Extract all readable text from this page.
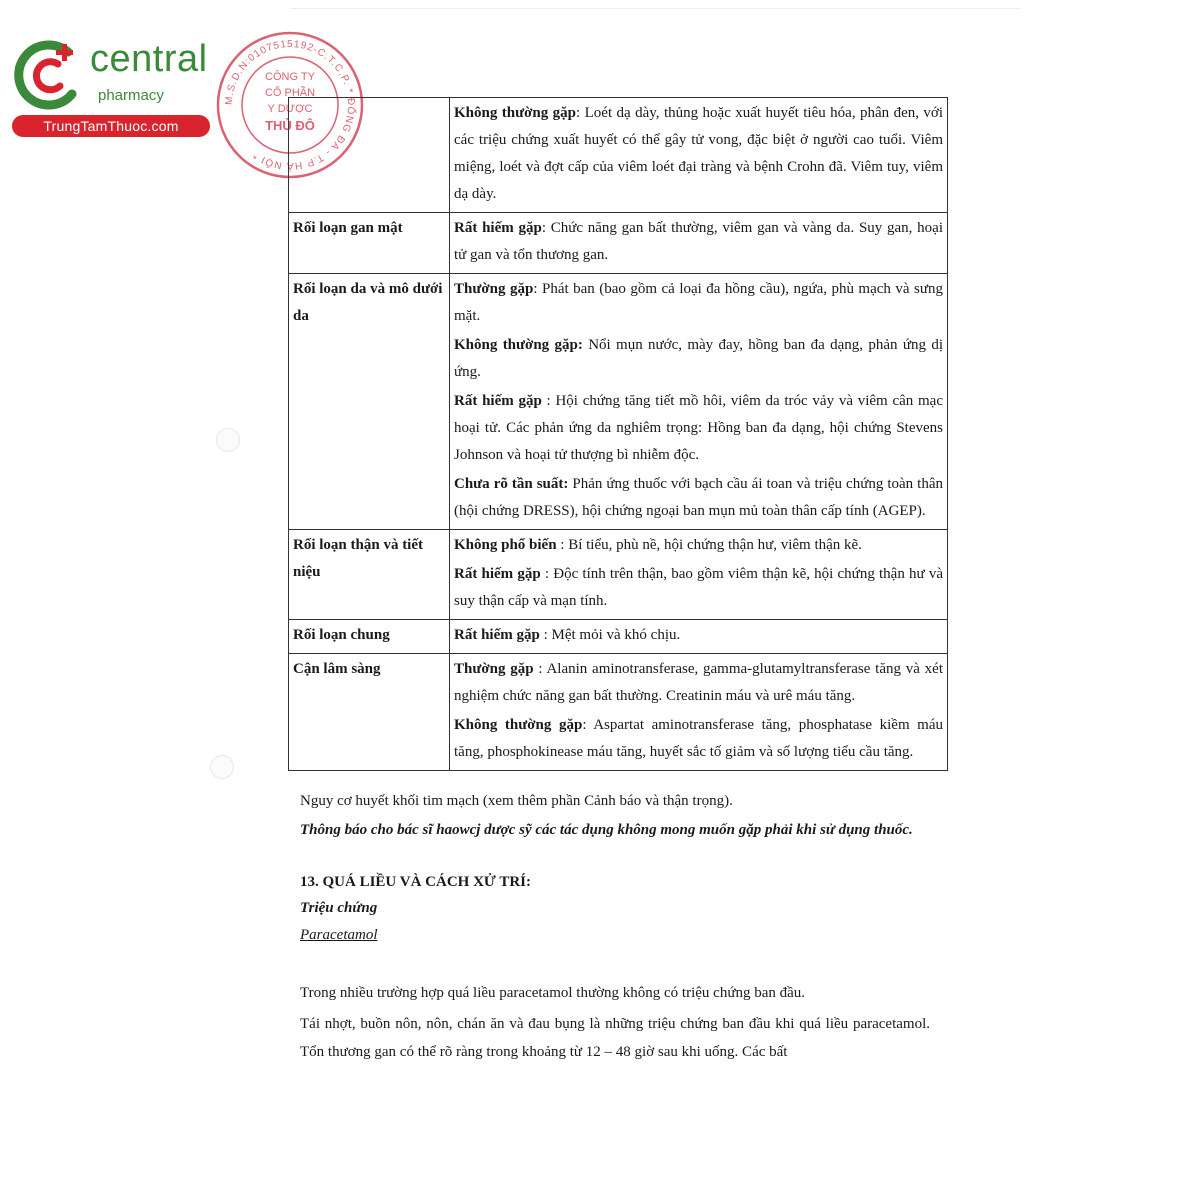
central
pharmacy
TrungTamThuoc.com
M.S.D.N:0107515192-C.T.C.P. * ĐỐNG ĐA - T.P HÀ NỘI *
CÔNG TY
CỔ PHẦN
Y DƯỢC
THỦ ĐÔ

	Không thường gặp: Loét dạ dày, thủng hoặc xuất huyết tiêu hóa, phân đen, với các triệu chứng xuất huyết có thể gây tử vong, đặc biệt ở người cao tuổi. Viêm miệng, loét và đợt cấp của viêm loét đại tràng và bệnh Crohn đã. Viêm tuy, viêm dạ dày.

Rối loạn gan mật	Rất hiếm gặp: Chức năng gan bất thường, viêm gan và vàng da. Suy gan, hoại tử gan và tổn thương gan.

Rối loạn da và mô dưới da	Thường gặp: Phát ban (bao gồm cả loại đa hồng cầu), ngứa, phù mạch và sưng mặt.
Không thường gặp: Nổi mụn nước, mày đay, hồng ban đa dạng, phản ứng dị ứng.
Rất hiếm gặp : Hội chứng tăng tiết mồ hôi, viêm da tróc vảy và viêm cân mạc hoại tử. Các phản ứng da nghiêm trọng: Hồng ban đa dạng, hội chứng Stevens Johnson và hoại tử thượng bì nhiễm độc.
Chưa rõ tần suất: Phản ứng thuốc với bạch cầu ái toan và triệu chứng toàn thân (hội chứng DRESS), hội chứng ngoại ban mụn mủ toàn thân cấp tính (AGEP).

Rối loạn thận và tiết niệu	Không phổ biến : Bí tiểu, phù nề, hội chứng thận hư, viêm thận kẽ.
Rất hiếm gặp : Độc tính trên thận, bao gồm viêm thận kẽ, hội chứng thận hư và suy thận cấp và mạn tính.

Rối loạn chung	Rất hiếm gặp : Mệt mỏi và khó chịu.

Cận lâm sàng	Thường gặp : Alanin aminotransferase, gamma-glutamyltransferase tăng và xét nghiệm chức năng gan bất thường. Creatinin máu và urê máu tăng.
Không thường gặp: Aspartat aminotransferase tăng, phosphatase kiềm máu tăng, phosphokinease máu tăng, huyết sắc tố giảm và số lượng tiểu cầu tăng.
Nguy cơ huyết khối tim mạch (xem thêm phần Cảnh báo và thận trọng).
Thông báo cho bác sĩ haowcj dược sỹ các tác dụng không mong muốn gặp phải khi sử dụng thuốc.
13. QUÁ LIỀU VÀ CÁCH XỬ TRÍ:
Triệu chứng
Paracetamol
Trong nhiều trường hợp quá liều paracetamol thường không có triệu chứng ban đầu.
Tái nhợt, buồn nôn, nôn, chán ăn và đau bụng là những triệu chứng ban đầu khi quá liều paracetamol. Tổn thương gan có thể rõ ràng trong khoảng từ 12 – 48 giờ sau khi uống. Các bất
